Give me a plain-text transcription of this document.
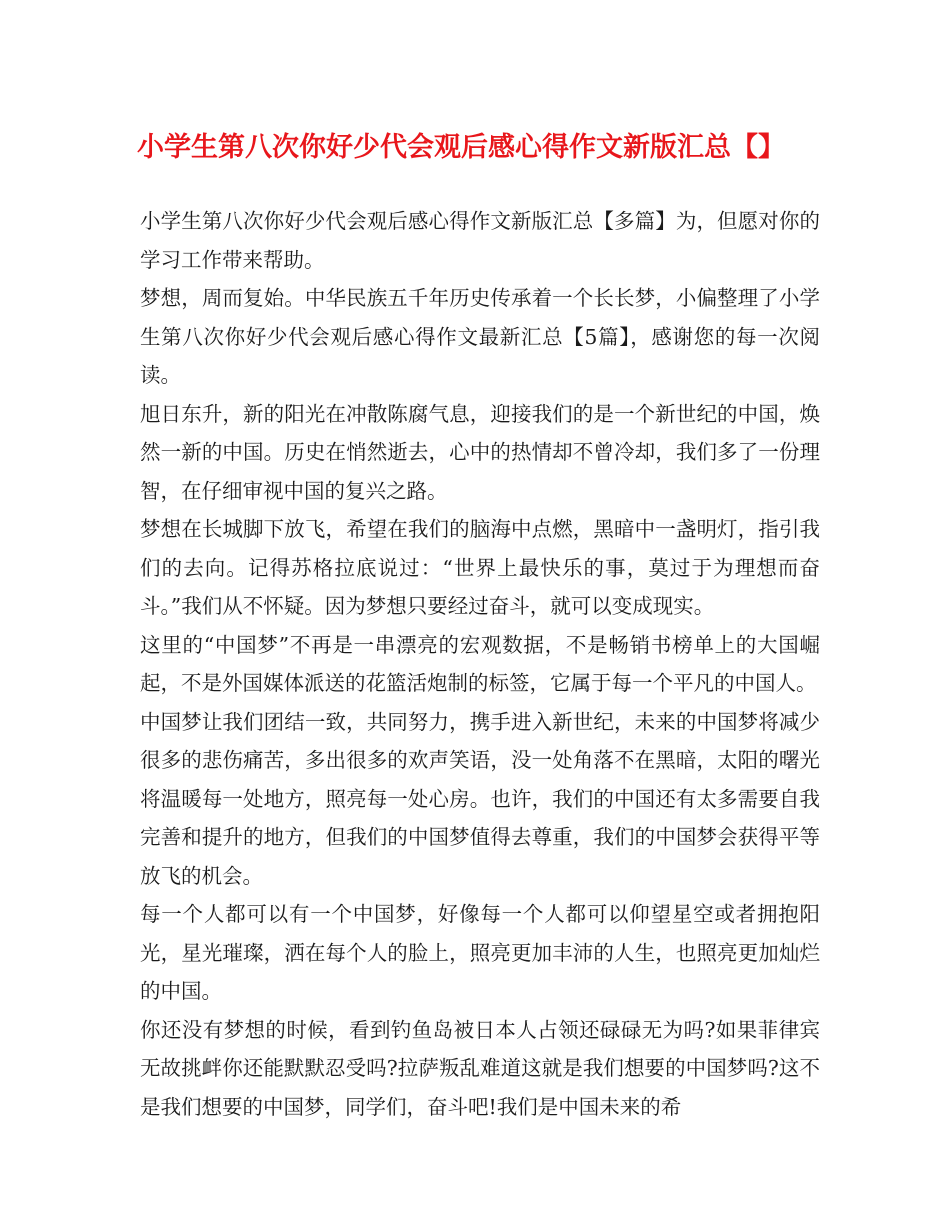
小学生第八次你好少代会观后感心得作文新版汇总【】

小学生第八次你好少代会观后感心得作文新版汇总【多篇】为，但愿对你的学习工作带来帮助。

梦想，周而复始。中华民族五千年历史传承着一个长长梦，小偏整理了小学生第八次你好少代会观后感心得作文最新汇总【5篇】，感谢您的每一次阅读。

旭日东升，新的阳光在冲散陈腐气息，迎接我们的是一个新世纪的中国，焕然一新的中国。历史在悄然逝去，心中的热情却不曾冷却，我们多了一份理智，在仔细审视中国的复兴之路。

梦想在长城脚下放飞，希望在我们的脑海中点燃，黑暗中一盏明灯，指引我们的去向。记得苏格拉底说过：“世界上最快乐的事，莫过于为理想而奋斗。”我们从不怀疑。因为梦想只要经过奋斗，就可以变成现实。

这里的“中国梦”不再是一串漂亮的宏观数据，不是畅销书榜单上的大国崛起，不是外国媒体派送的花篮活炮制的标签，它属于每一个平凡的中国人。

中国梦让我们团结一致，共同努力，携手进入新世纪，未来的中国梦将减少很多的悲伤痛苦，多出很多的欢声笑语，没一处角落不在黑暗，太阳的曙光将温暖每一处地方，照亮每一处心房。也许，我们的中国还有太多需要自我完善和提升的地方，但我们的中国梦值得去尊重，我们的中国梦会获得平等放飞的机会。

每一个人都可以有一个中国梦，好像每一个人都可以仰望星空或者拥抱阳光，星光璀璨，洒在每个人的脸上，照亮更加丰沛的人生，也照亮更加灿烂的中国。

你还没有梦想的时候，看到钓鱼岛被日本人占领还碌碌无为吗?如果菲律宾无故挑衅你还能默默忍受吗?拉萨叛乱难道这就是我们想要的中国梦吗?这不是我们想要的中国梦，同学们，奋斗吧!我们是中国未来的希
